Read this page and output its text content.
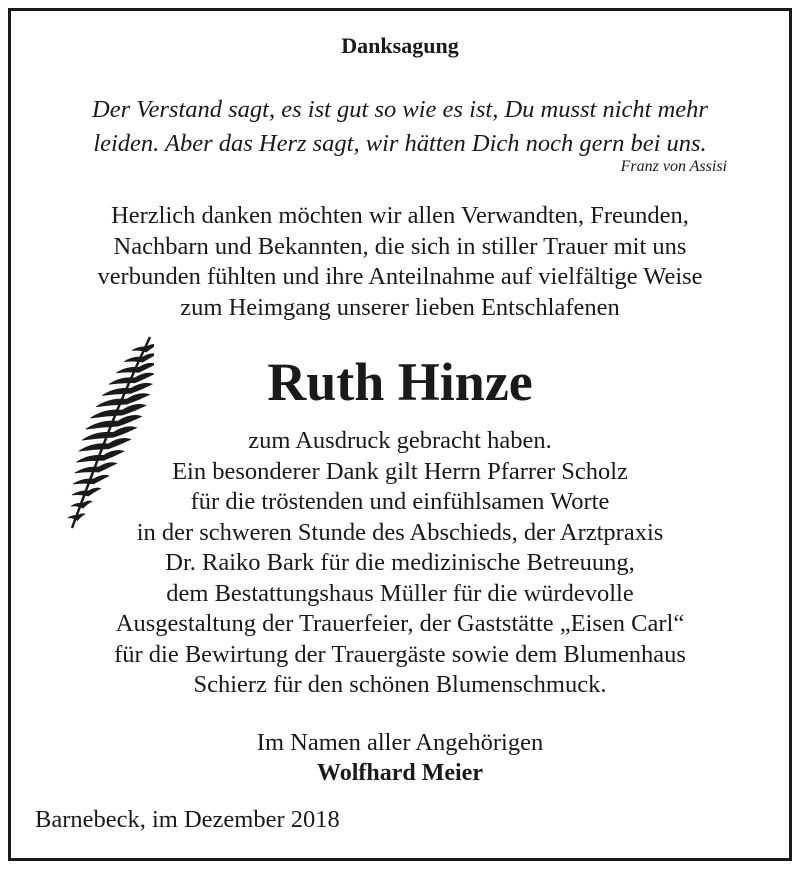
Danksagung
Der Verstand sagt, es ist gut so wie es ist, Du musst nicht mehr
leiden. Aber das Herz sagt, wir hätten Dich noch gern bei uns.
Franz von Assisi
Herzlich danken möchten wir allen Verwandten, Freunden,
Nachbarn und Bekannten, die sich in stiller Trauer mit uns
verbunden fühlten und ihre Anteilnahme auf vielfältige Weise
zum Heimgang unserer lieben Entschlafenen
Ruth Hinze
zum Ausdruck gebracht haben.
Ein besonderer Dank gilt Herrn Pfarrer Scholz
für die tröstenden und einfühlsamen Worte
in der schweren Stunde des Abschieds, der Arztpraxis
Dr. Raiko Bark für die medizinische Betreuung,
dem Bestattungshaus Müller für die würdevolle
Ausgestaltung der Trauerfeier, der Gaststätte „Eisen Carl“
für die Bewirtung der Trauergäste sowie dem Blumenhaus
Schierz für den schönen Blumenschmuck.
Im Namen aller Angehörigen
Wolfhard Meier
Barnebeck, im Dezember 2018
